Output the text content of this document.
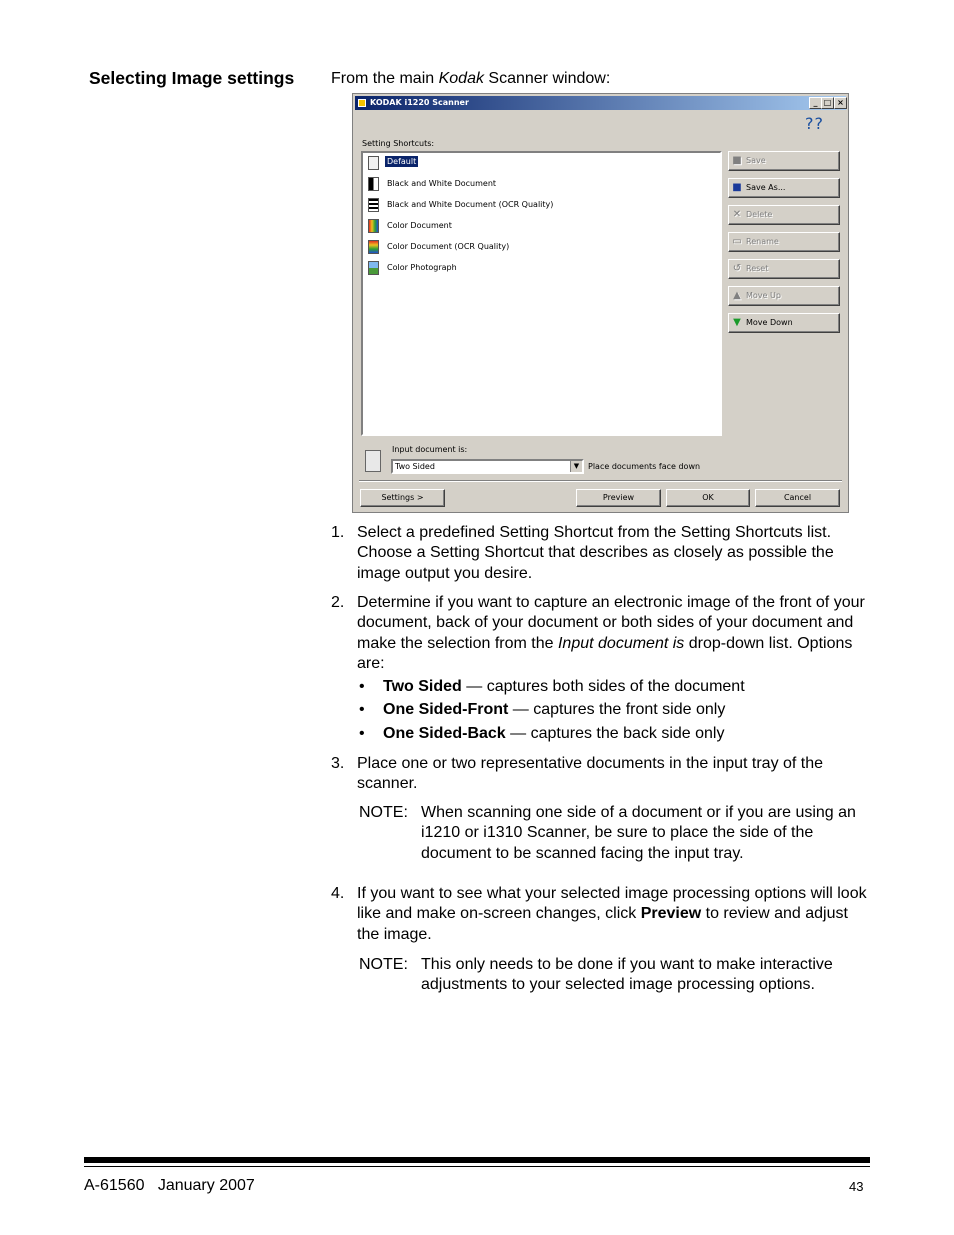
Selecting Image settings From the main Kodak Scanner window:
KODAK i1220 Scanner	_ □ ×
??
Setting Shortcuts:
Default
Black and White Document
Black and White Document (OCR Quality)
Color Document
Color Document (OCR Quality)
Color Photograph
■ Save
■ Save As...
✕ Delete
▭ Rename
↺ Reset
▲ Move Up
▼ Move Down
Input document is:
Two Sided	▼	Place documents face down
Settings >	Preview	OK	Cancel
1. Select a predefined Setting Shortcut from the Setting Shortcuts list. Choose a Setting Shortcut that describes as closely as possible the image output you desire.
2. Determine if you want to capture an electronic image of the front of your document, back of your document or both sides of your document and make the selection from the Input document is drop-down list. Options are:
• Two Sided — captures both sides of the document
• One Sided-Front — captures the front side only
• One Sided-Back — captures the back side only
3. Place one or two representative documents in the input tray of the scanner.
NOTE: When scanning one side of a document or if you are using an i1210 or i1310 Scanner, be sure to place the side of the document to be scanned facing the input tray.
4. If you want to see what your selected image processing options will look like and make on-screen changes, click Preview to review and adjust the image.
NOTE: This only needs to be done if you want to make interactive adjustments to your selected image processing options.
A-61560   January 2007	43
